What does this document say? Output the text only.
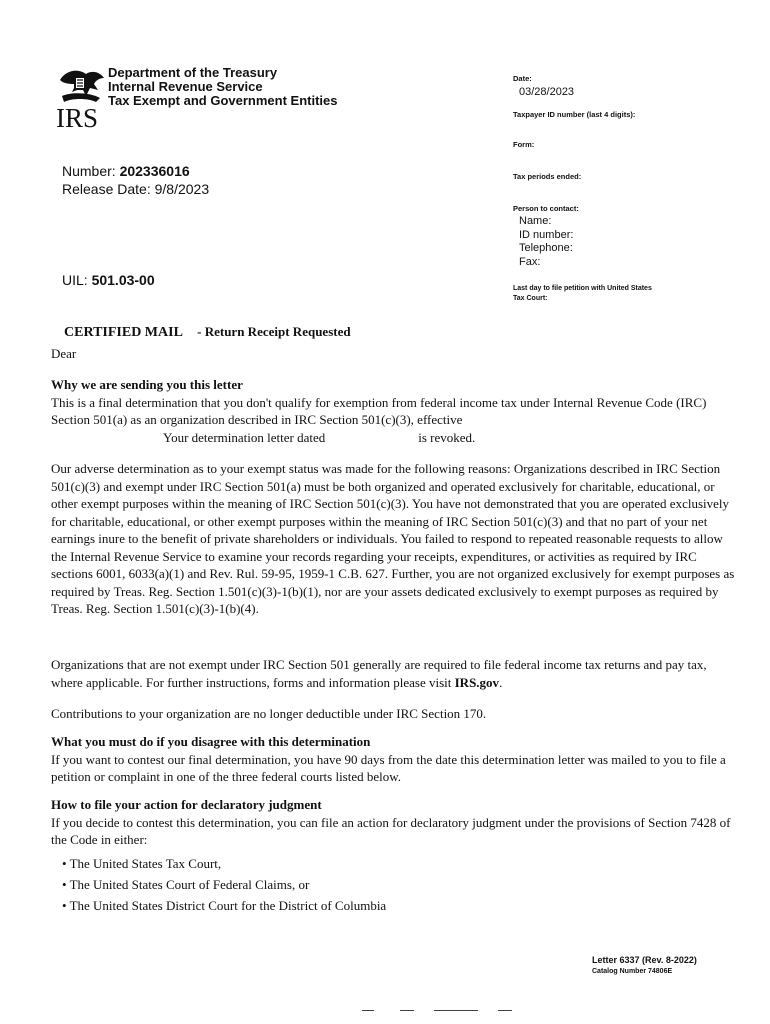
IRS
Department of the Treasury
Internal Revenue Service
Tax Exempt and Government Entities
Number: 202336016
Release Date: 9/8/2023
UIL: 501.03-00
Date:
03/28/2023
Taxpayer ID number (last 4 digits):
Form:
Tax periods ended:
Person to contact:
Name:
ID number:
Telephone:
Fax:
Last day to file petition with United States
Tax Court:
CERTIFIED MAIL - Return Receipt Requested
Dear

Why we are sending you this letter

This is a final determination that you don't qualify for exemption from federal income tax under Internal Revenue Code (IRC) Section 501(a) as an organization described in IRC Section 501(c)(3), effective

Your determination letter dated	is revoked.

Our adverse determination as to your exempt status was made for the following reasons: Organizations described in IRC Section 501(c)(3) and exempt under IRC Section 501(a) must be both organized and operated exclusively for charitable, educational, or other exempt purposes within the meaning of IRC Section 501(c)(3). You have not demonstrated that you are operated exclusively for charitable, educational, or other exempt purposes within the meaning of IRC Section 501(c)(3) and that no part of your net earnings inure to the benefit of private shareholders or individuals. You failed to respond to repeated reasonable requests to allow the Internal Revenue Service to examine your records regarding your receipts, expenditures, or activities as required by IRC sections 6001, 6033(a)(1) and Rev. Rul. 59-95, 1959-1 C.B. 627. Further, you are not organized exclusively for exempt purposes as required by Treas. Reg. Section 1.501(c)(3)-1(b)(1), nor are your assets dedicated exclusively to exempt purposes as required by Treas. Reg. Section 1.501(c)(3)-1(b)(4).
Organizations that are not exempt under IRC Section 501 generally are required to file federal income tax returns and pay tax, where applicable. For further instructions, forms and information please visit IRS.gov.
Contributions to your organization are no longer deductible under IRC Section 170.

What you must do if you disagree with this determination

If you want to contest our final determination, you have 90 days from the date this determination letter was mailed to you to file a petition or complaint in one of the three federal courts listed below.

How to file your action for declaratory judgment

If you decide to contest this determination, you can file an action for declaratory judgment under the provisions of Section 7428 of the Code in either:

• The United States Tax Court,
• The United States Court of Federal Claims, or
• The United States District Court for the District of Columbia
Letter 6337 (Rev. 8-2022)
Catalog Number 74806E
